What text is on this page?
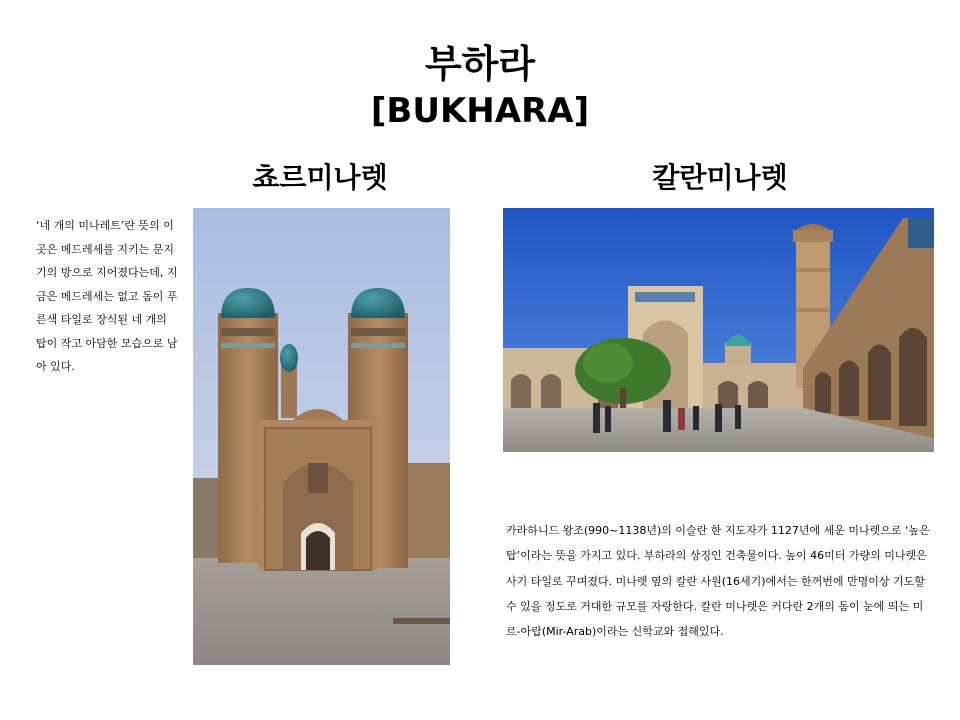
부하라
[BUKHARA]
쵸르미나렛	칼란미나렛
‘네 개의 미나레트’란 뜻의 이곳은 메드레세를 지키는 문지기의 방으로 지어졌다는데, 지금은 메드레세는 없고 돔이 푸른색 타일로 장식된 네 개의 탑이 작고 아담한 모습으로 남아 있다.
카라하니드 왕조(990~1138년)의 이슬란 한 지도자가 1127년에 세운 미나렛으로 ‘높은 탑’이라는 뜻을 가지고 있다. 부하라의 상징인 건축물이다. 높이 46미터 가량의 미나렛은 사기 타일로 꾸며졌다. 미나렛 옆의 칼란 사원(16세기)에서는 한꺼번에 만명이상 기도할 수 있을 정도로 거대한 규모를 자랑한다. 칼란 미나렛은 커다란 2개의 돔이 눈에 띄는 미르-아랍(Mir-Arab)이라는 신학교와 접해있다.
